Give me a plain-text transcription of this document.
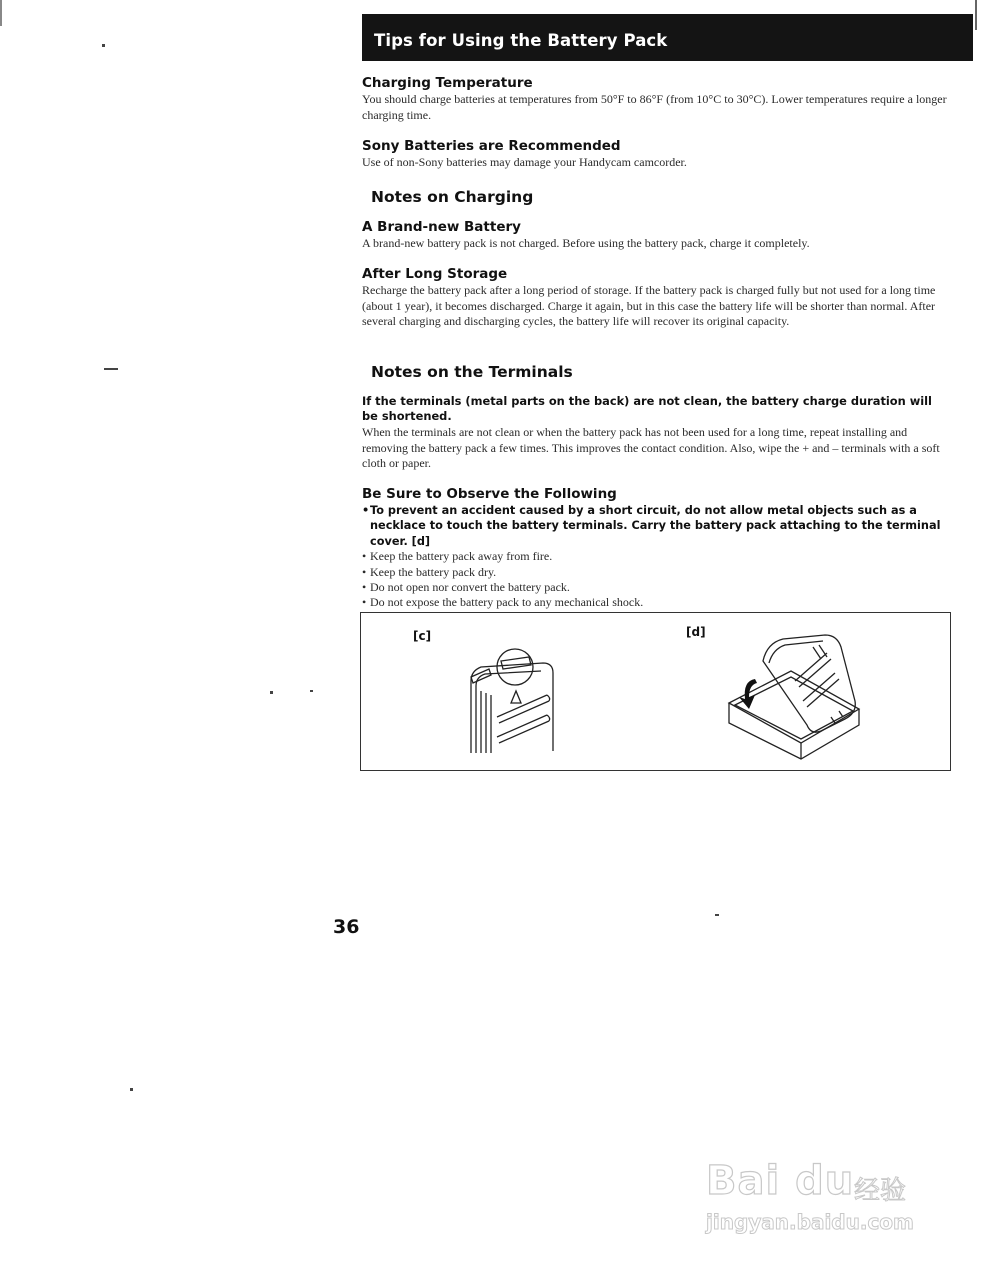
Tips for Using the Battery Pack
Charging Temperature
You should charge batteries at temperatures from 50°F to 86°F (from 10°C to 30°C). Lower temperatures require a longer charging time.
Sony Batteries are Recommended
Use of non-Sony batteries may damage your Handycam camcorder.
Notes on Charging
A Brand-new Battery
A brand-new battery pack is not charged. Before using the battery pack, charge it completely.
After Long Storage
Recharge the battery pack after a long period of storage. If the battery pack is charged fully but not used for a long time (about 1 year), it becomes discharged. Charge it again, but in this case the battery life will be shorter than normal. After several charging and discharging cycles, the battery life will recover its original capacity.
Notes on the Terminals
If the terminals (metal parts on the back) are not clean, the battery charge duration will be shortened.
When the terminals are not clean or when the battery pack has not been used for a long time, repeat installing and removing the battery pack a few times. This improves the contact condition. Also, wipe the + and – terminals with a soft cloth or paper.
Be Sure to Observe the Following
• To prevent an accident caused by a short circuit, do not allow metal objects such as a necklace to touch the battery terminals. Carry the battery pack attaching to the terminal cover. [d]
• Keep the battery pack away from fire.
• Keep the battery pack dry.
• Do not open nor convert the battery pack.
• Do not expose the battery pack to any mechanical shock.
[c]	[d]
36
Bai du 经验
jingyan.baidu.com
